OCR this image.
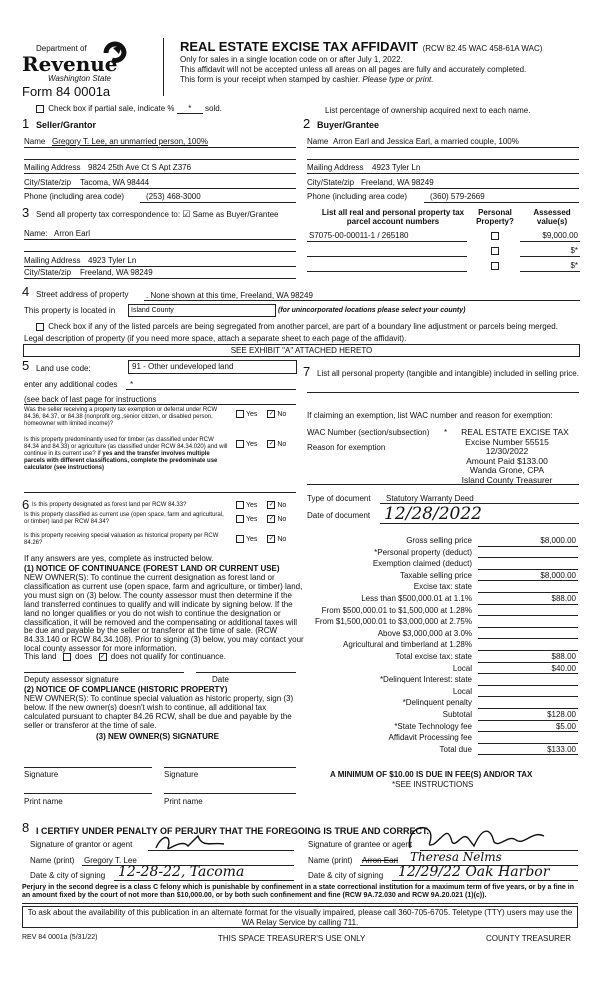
Department of
Revenue
Washington State
Form 84 0001a
REAL ESTATE EXCISE TAX AFFIDAVIT (RCW 82.45 WAC 458-61A WAC)
Only for sales in a single location code on or after July 1, 2022.
This affidavit will not be accepted unless all areas on all pages are fully and accurately completed.
This form is your receipt when stamped by cashier. Please type or print.
Check box if partial sale, indicate % * sold.	List percentage of ownership acquired next to each name.
1 Seller/Grantor
Name Gregory T. Lee, an unmarried person, 100%
Mailing Address 9824 25th Ave Ct S Apt Z376
City/State/zip Tacoma, WA 98444
Phone (including area code)	(253) 468-3000
2 Buyer/Grantee
Name Arron Earl and Jessica Earl, a married couple, 100%
Mailing Address 4923 Tyler Ln
City/State/zip Freeland, WA 98249
Phone (including area code)	(360) 579-2669
3 Send all property tax correspondence to: ☑ Same as Buyer/Grantee
Name: Arron Earl
Mailing Address 4923 Tyler Ln
City/State/zip Freeland, WA 98249
List all real and personal property tax
parcel account numbers
Personal
Property?
Assessed
value(s)
S7075-00-00011-1 / 265180	$9,000.00
$*
$*
4 Street address of property . None shown at this time, Freeland, WA 98249
This property is located in	Island County	(for unincorporated locations please select your county)
Check box if any of the listed parcels are being segregated from another parcel, are part of a boundary line adjustment or parcels being merged.
Legal description of property (if you need more space, attach a separate sheet to each page of the affidavit).
SEE EXHIBIT "A" ATTACHED HERETO
5 Land use code:	91 - Other undeveloped land
enter any additional codes *
(see back of last page for instructions
Was the seller receiving a property tax exemption or deferral under RCW 84.36, 84.37, or 84.38 (nonprofit org.,senior citizen, or disabled person, homeowner with limited income)?
Yes ✓ No
Is this property predominantly used for timber (as classified under RCW 84.34 and 84.33) or agriculture (as classified under RCW 84.34.020) and will continue in its current use? If yes and the transfer involves multiple parcels with different classifications, complete the predominate use calculator (see instructions)
Yes ✓ No
7 List all personal property (tangible and intangible) included in selling price.
If claiming an exemption, list WAC number and reason for exemption:
WAC Number (section/subsection) *
Reason for exemption
REAL ESTATE EXCISE TAX
Excise Number 55515
12/30/2022
Amount Paid $133.00
Wanda Grone, CPA
Island County Treasurer
6 Is this property designated as forest land per RCW 84.33?	Yes ✓ No
Is this property classified as current use (open space, farm and agricultural, or timber) land per RCW 84.34?	Yes ✓ No
Is this property receiving special valuation as historical property per RCW 84.26?
Yes ✓ No
If any answers are yes, complete as instructed below.
(1) NOTICE OF CONTINUANCE (FOREST LAND OR CURRENT USE)
NEW OWNER(S): To continue the current designation as forest land or classification as current use (open space, farm and agriculture, or timber) land, you must sign on (3) below. The county assessor must then determine if the land transferred continues to qualify and will indicate by signing below. If the land no longer qualifies or you do not wish to continue the designation or classification, it will be removed and the compensating or additional taxes will be due and payable by the seller or transferor at the time of sale. (RCW 84.33.140 or RCW 84.34.108). Prior to signing (3) below, you may contact your local county assessor for more information.
This land does ✓ does not qualify for continuance.
Deputy assessor signature	Date
(2) NOTICE OF COMPLIANCE (HISTORIC PROPERTY)
NEW OWNER(S): To continue special valuation as historic property, sign (3) below. If the new owner(s) doesn't wish to continue, all additional tax calculated pursuant to chapter 84.26 RCW, shall be due and payable by the seller or transferor at the time of sale.
(3) NEW OWNER(S) SIGNATURE
Signature	Signature
Print name	Print name
Type of document Statutory Warranty Deed
Date of document 12/28/2022
Gross selling price	$8,000.00
*Personal property (deduct)
Exemption claimed (deduct)
Taxable selling price	$8,000.00
Excise tax: state
Less than $500,000.01 at 1.1%	$88.00
From $500,000.01 to $1,500,000 at 1.28%
From $1,500,000.01 to $3,000,000 at 2.75%
Above $3,000,000 at 3.0%
Agricultural and timberland at 1.28%
Total excise tax: state	$88.00
Local	$40.00
*Delinquent Interest: state
Local
*Delinquent penalty
Subtotal	$128.00
*State Technology fee	$5.00
Affidavit Processing fee
Total due	$133.00
A MINIMUM OF $10.00 IS DUE IN FEE(S) AND/OR TAX
*SEE INSTRUCTIONS
8 I CERTIFY UNDER PENALTY OF PERJURY THAT THE FOREGOING IS TRUE AND CORRECT.
Signature of grantor or agent
Name (print) Gregory T. Lee
Date & city of signing 12-28-22, Tacoma
Signature of grantee or agent
Name (print) Arron Earl Theresa Nelms
Date & city of signing 12/29/22 Oak Harbor
Perjury in the second degree is a class C felony which is punishable by confinement in a state correctional institution for a maximum term of five years, or by a fine in an amount fixed by the court of not more than $10,000.00, or by both such confinement and fine (RCW 9A.72.030 and RCW 9A.20.021 (1)(c)).
To ask about the availability of this publication in an alternate format for the visually impaired, please call 360-705-6705. Teletype (TTY) users may use the WA Relay Service by calling 711.
REV 84 0001a (5/31/22)	THIS SPACE TREASURER'S USE ONLY	COUNTY TREASURER
